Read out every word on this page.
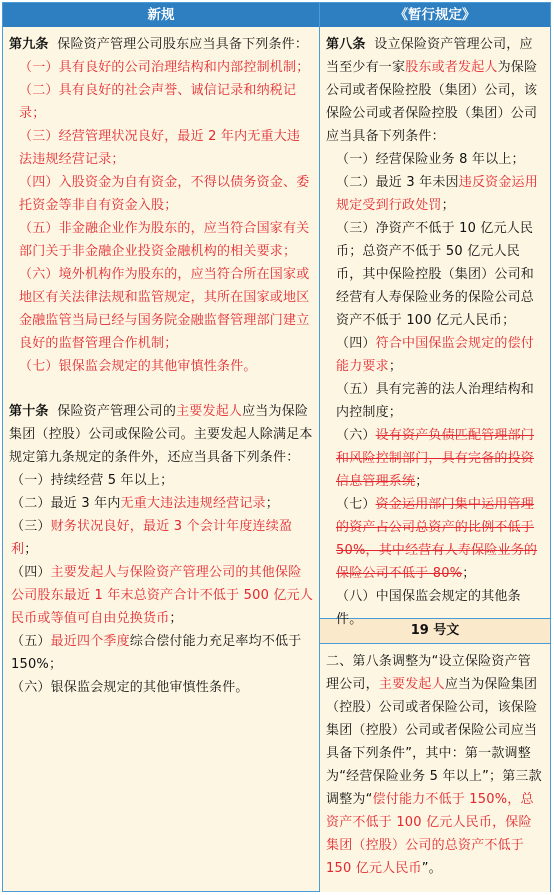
新规

第九条 保险资产管理公司股东应当具备下列条件：

（一）具有良好的公司治理结构和内部控制机制；

（二）具有良好的社会声誉、诚信记录和纳税记录；

（三）经营管理状况良好，最近 2 年内无重大违法违规经营记录；

（四）入股资金为自有资金，不得以债务资金、委托资金等非自有资金入股；

（五）非金融企业作为股东的，应当符合国家有关部门关于非金融企业投资金融机构的相关要求；

（六）境外机构作为股东的，应当符合所在国家或地区有关法律法规和监管规定，其所在国家或地区金融监管当局已经与国务院金融监督管理部门建立良好的监督管理合作机制；

（七）银保监会规定的其他审慎性条件。

第十条 保险资产管理公司的主要发起人应当为保险集团（控股）公司或保险公司。主要发起人除满足本规定第九条规定的条件外，还应当具备下列条件：

（一）持续经营 5 年以上；

（二）最近 3 年内无重大违法违规经营记录；

（三）财务状况良好，最近 3 个会计年度连续盈利；

（四）主要发起人与保险资产管理公司的其他保险公司股东最近 1 年末总资产合计不低于 500 亿元人民币或等值可自由兑换货币；

（五）最近四个季度综合偿付能力充足率均不低于 150%；

（六）银保监会规定的其他审慎性条件。

《暂行规定》

第八条 设立保险资产管理公司，应当至少有一家股东或者发起人为保险公司或者保险控股（集团）公司，该保险公司或者保险控股（集团）公司应当具备下列条件：

（一）经营保险业务 8 年以上；

（二）最近 3 年未因违反资金运用规定受到行政处罚；

（三）净资产不低于 10 亿元人民币；总资产不低于 50 亿元人民币，其中保险控股（集团）公司和经营有人寿保险业务的保险公司总资产不低于 100 亿元人民币；

（四）符合中国保监会规定的偿付能力要求；

（五）具有完善的法人治理结构和内控制度；

（六）设有资产负债匹配管理部门和风险控制部门，具有完备的投资信息管理系统；

（七）资金运用部门集中运用管理的资产占公司总资产的比例不低于 50%，其中经营有人寿保险业务的保险公司不低于 80%；

（八）中国保监会规定的其他条件。

19 号文

二、第八条调整为“设立保险资产管理公司，主要发起人应当为保险集团（控股）公司或者保险公司，该保险集团（控股）公司或者保险公司应当具备下列条件”，其中：第一款调整为“经营保险业务 5 年以上”；第三款调整为“偿付能力不低于 150%，总资产不低于 100 亿元人民币，保险集团（控股）公司的总资产不低于 150 亿元人民币”。
